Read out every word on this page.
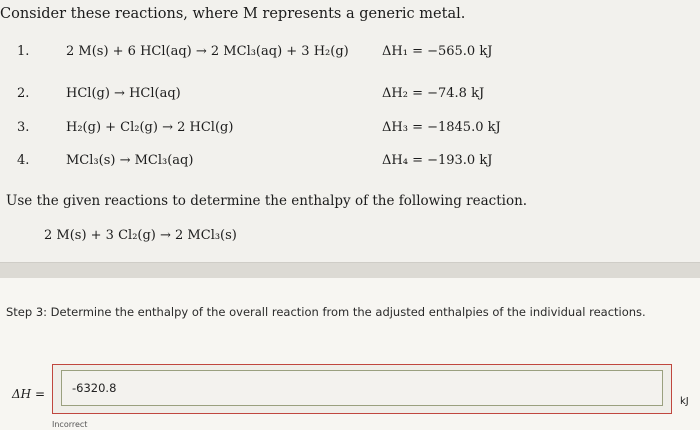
Consider these reactions, where M represents a generic metal.
1.	2 M(s) + 6 HCl(aq) → 2 MCl₃(aq) + 3 H₂(g)	ΔH₁ = −565.0 kJ
2.	HCl(g) → HCl(aq)	ΔH₂ = −74.8 kJ
3.	H₂(g) + Cl₂(g) → 2 HCl(g)	ΔH₃ = −1845.0 kJ
4.	MCl₃(s) → MCl₃(aq)	ΔH₄ = −193.0 kJ
Use the given reactions to determine the enthalpy of the following reaction.
2 M(s) + 3 Cl₂(g) → 2 MCl₃(s)
Step 3: Determine the enthalpy of the overall reaction from the adjusted enthalpies of the individual reactions.
ΔH =
-6320.8
Incorrect
kJ
